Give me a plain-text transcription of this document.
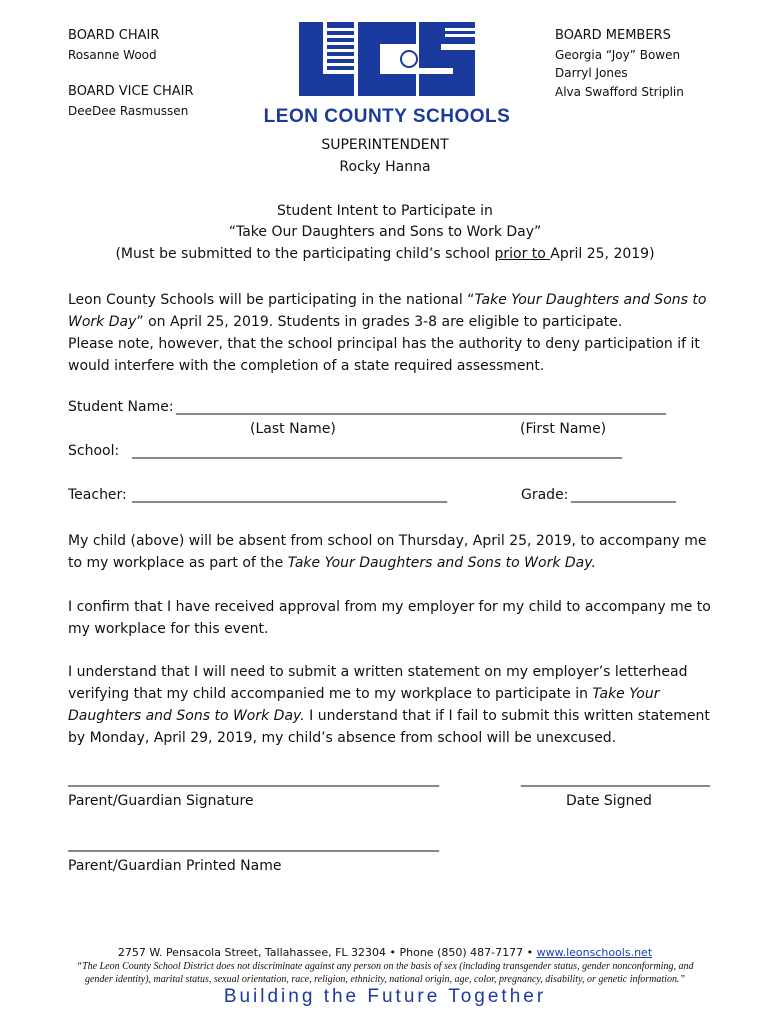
BOARD CHAIR
Rosanne Wood
BOARD VICE CHAIR
DeeDee Rasmussen
BOARD MEMBERS
Georgia “Joy” Bowen
Darryl Jones
Alva Swafford Striplin
LEON COUNTY SCHOOLS
SUPERINTENDENT
Rocky Hanna
Student Intent to Participate in
“Take Our Daughters and Sons to Work Day”
(Must be submitted to the participating child’s school prior to April 25, 2019)
Leon County Schools will be participating in the national “Take Your Daughters and Sons to Work Day” on April 25, 2019. Students in grades 3-8 are eligible to participate.
Please note, however, that the school principal has the authority to deny participation if it would interfere with the completion of a state required assessment.
Student Name: ______________________________________________________________________
(Last Name)	(First Name)
School: ______________________________________________________________________
Teacher: _____________________________________________	Grade: _______________
My child (above) will be absent from school on Thursday, April 25, 2019, to accompany me to my workplace as part of the Take Your Daughters and Sons to Work Day.
I confirm that I have received approval from my employer for my child to accompany me to my workplace for this event.
I understand that I will need to submit a written statement on my employer’s letterhead verifying that my child accompanied me to my workplace to participate in Take Your Daughters and Sons to Work Day. I understand that if I fail to submit this written statement by Monday, April 29, 2019, my child’s absence from school will be unexcused.
_____________________________________________________	___________________________
Parent/Guardian Signature	Date Signed
_____________________________________________________
Parent/Guardian Printed Name
2757 W. Pensacola Street, Tallahassee, FL 32304 • Phone (850) 487-7177 • www.leonschools.net
“The Leon County School District does not discriminate against any person on the basis of sex (including transgender status, gender nonconforming, and gender identity), marital status, sexual orientation, race, religion, ethnicity, national origin, age, color, pregnancy, disability, or genetic information.”
Building the Future Together
